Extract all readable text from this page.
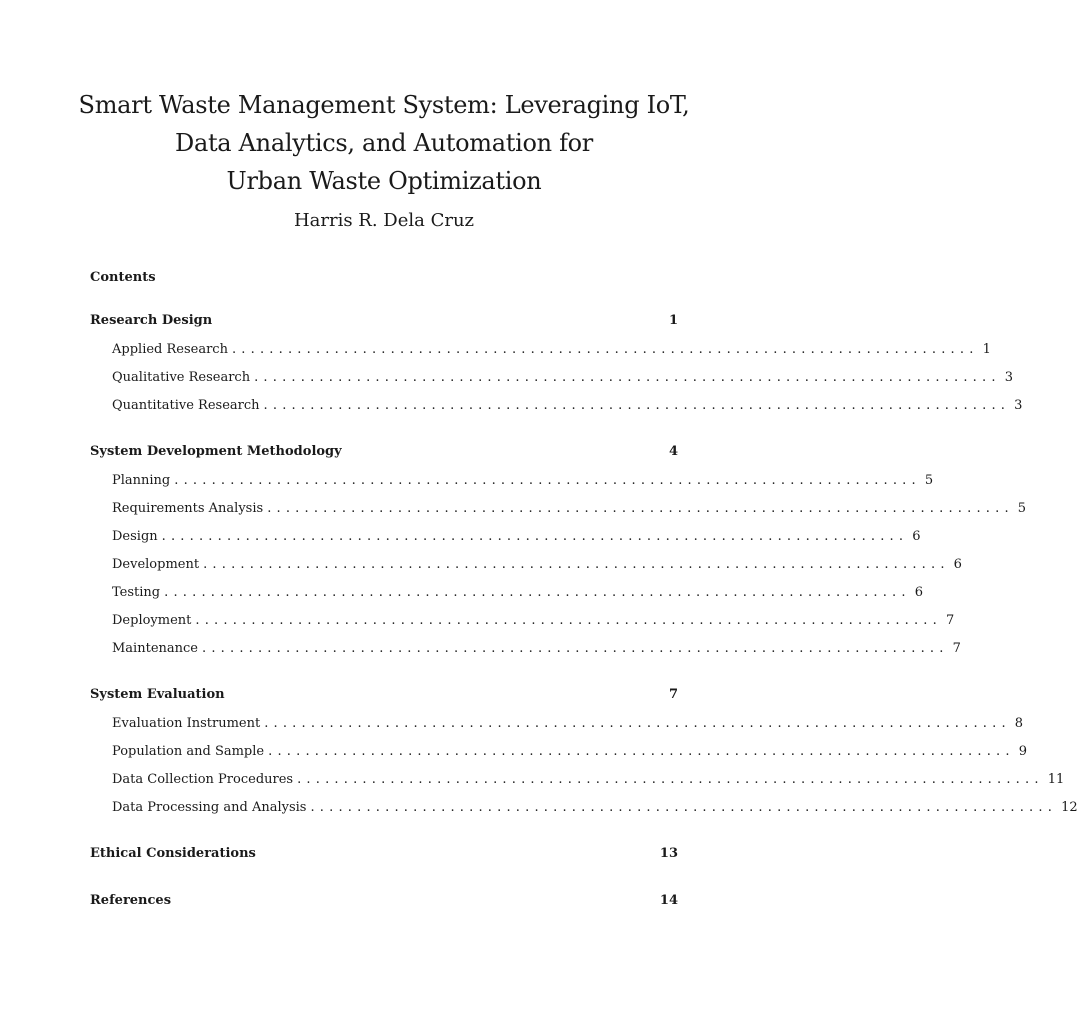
Smart Waste Management System: Leveraging IoT,
Data Analytics, and Automation for
Urban Waste Optimization
Harris R. Dela Cruz
Contents
Research Design	1
Applied Research ................................................................................ 1
Qualitative Research ................................................................................ 3
Quantitative Research ................................................................................ 3
System Development Methodology	4
Planning ................................................................................ 5
Requirements Analysis ................................................................................ 5
Design ................................................................................ 6
Development ................................................................................ 6
Testing ................................................................................ 6
Deployment ................................................................................ 7
Maintenance ................................................................................ 7
System Evaluation	7
Evaluation Instrument ................................................................................ 8
Population and Sample ................................................................................ 9
Data Collection Procedures ................................................................................ 11
Data Processing and Analysis ................................................................................ 12
Ethical Considerations	13
References	14
